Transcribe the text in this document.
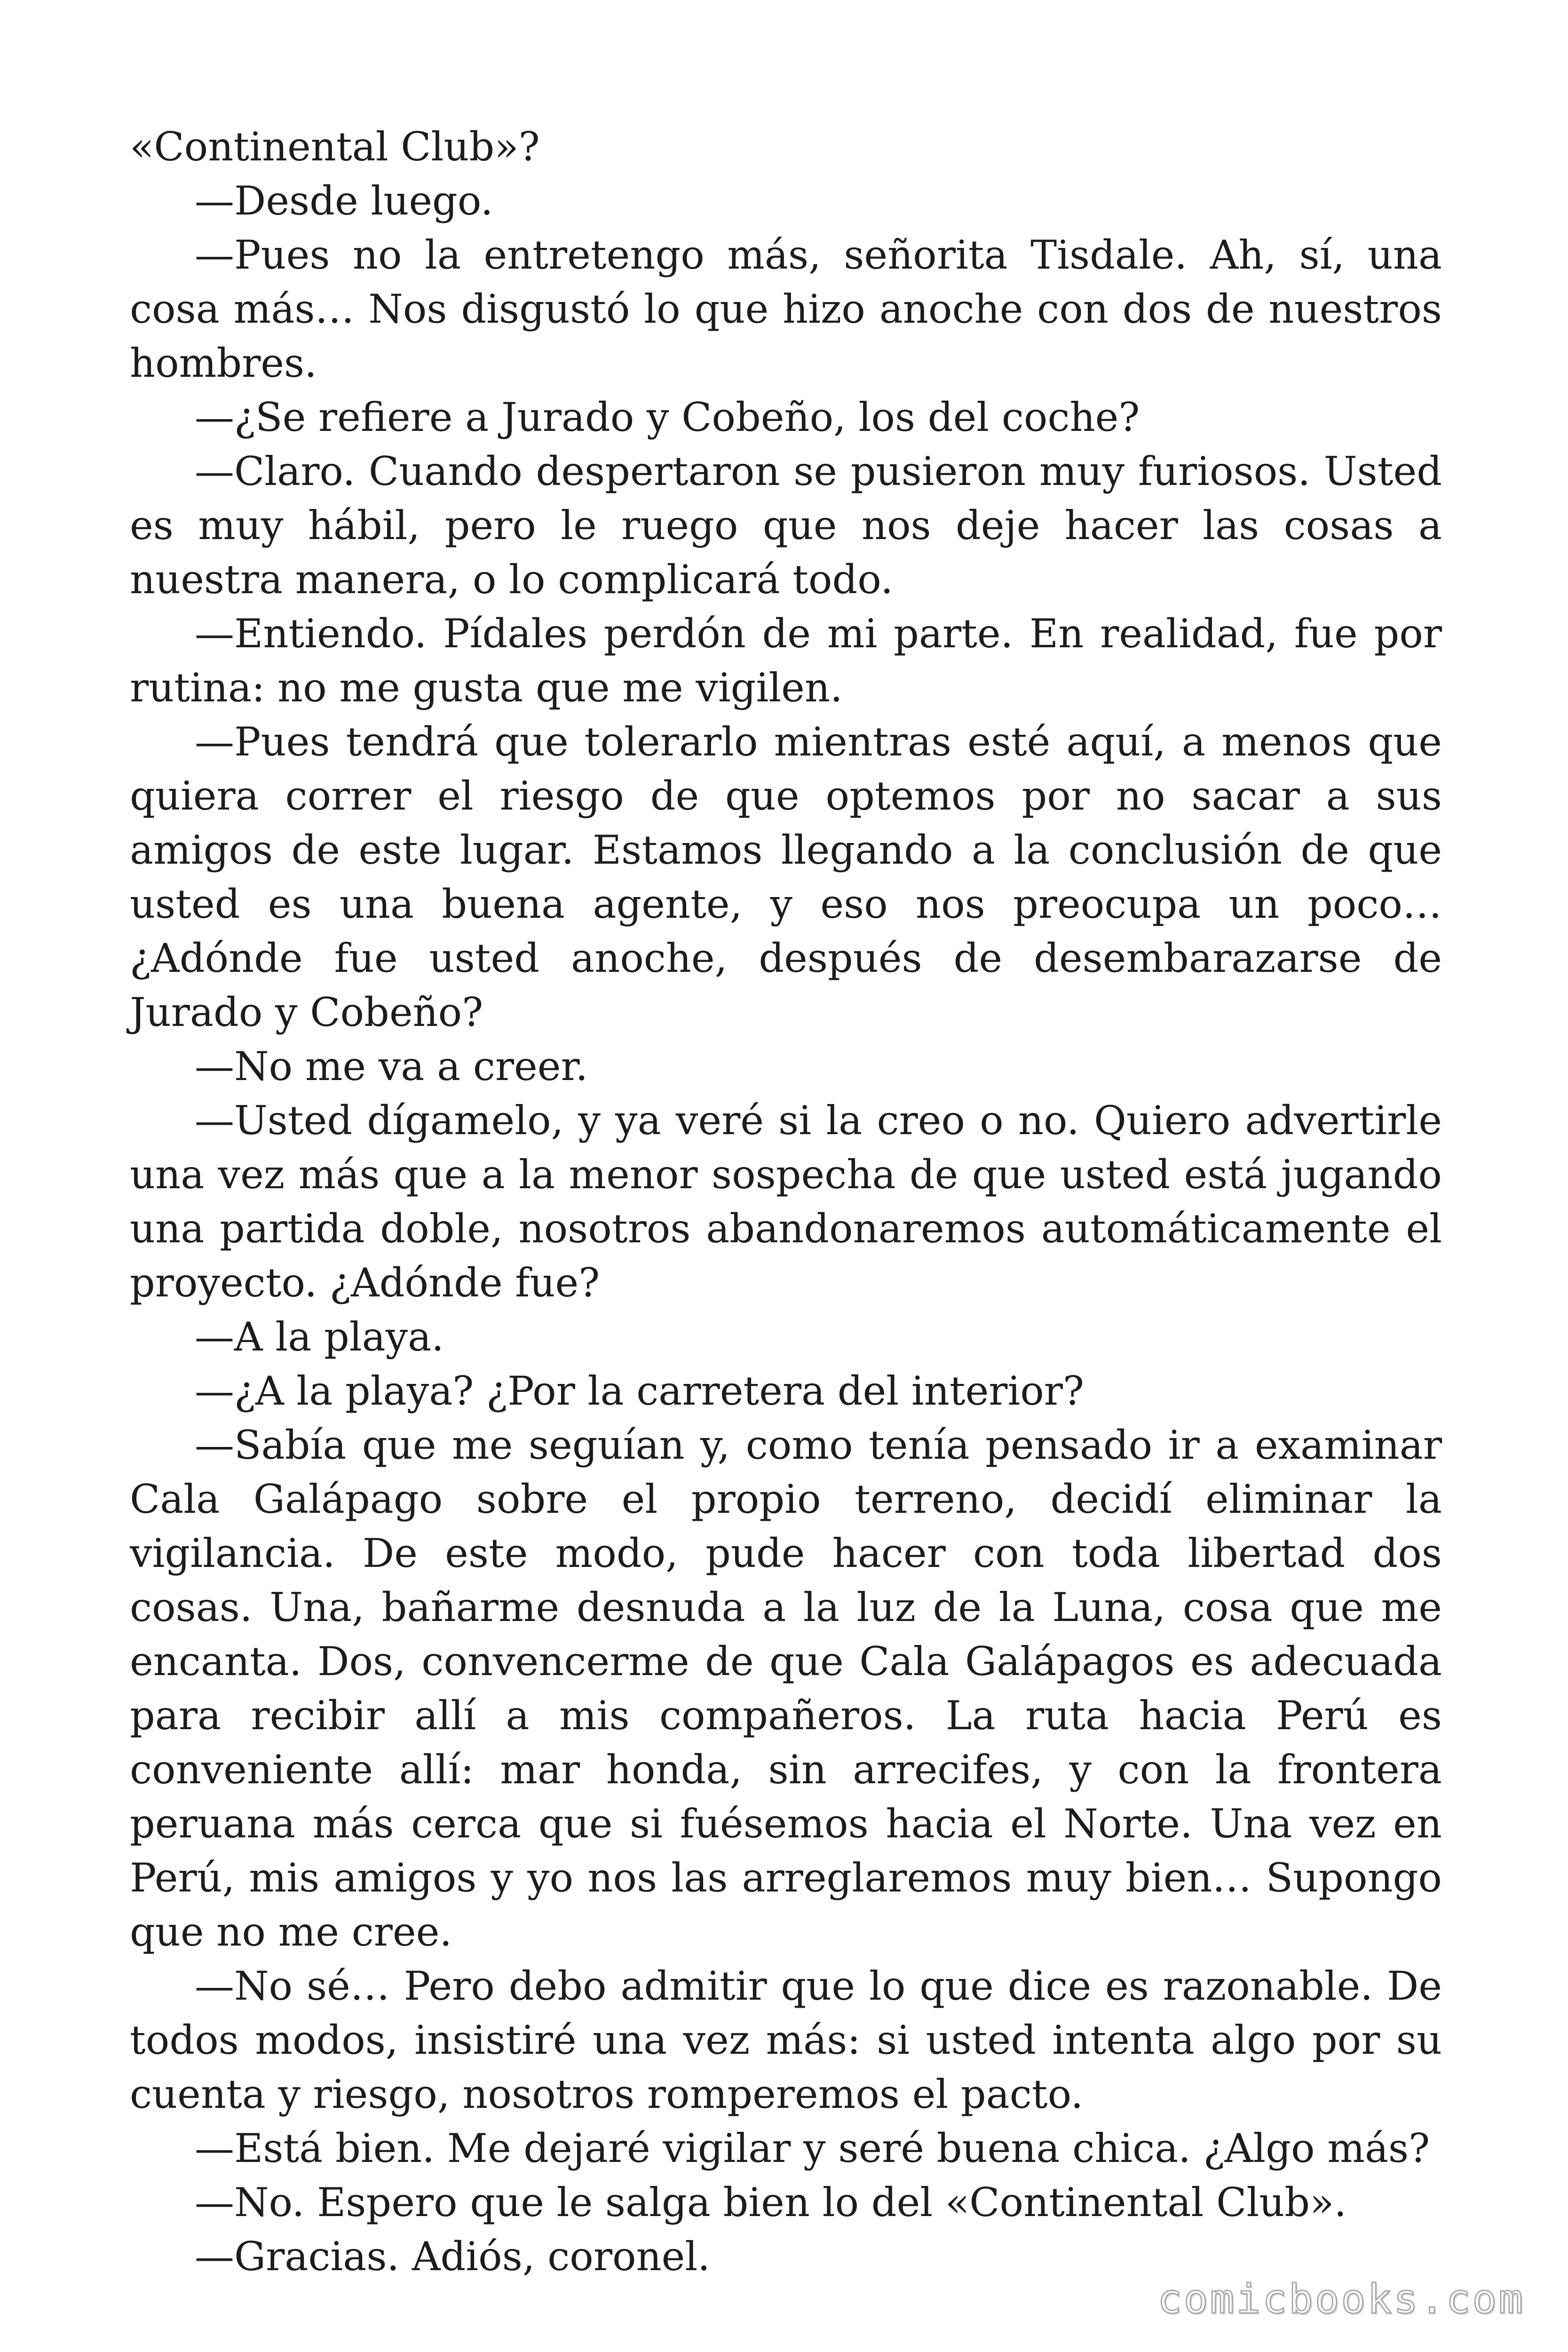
«Continental Club»?

—Desde luego.

—Pues no la entretengo más, señorita Tisdale. Ah, sí, una cosa más… Nos disgustó lo que hizo anoche con dos de nuestros hombres.

—¿Se refiere a Jurado y Cobeño, los del coche?

—Claro. Cuando despertaron se pusieron muy furiosos. Usted es muy hábil, pero le ruego que nos deje hacer las cosas a nuestra manera, o lo complicará todo.

—Entiendo. Pídales perdón de mi parte. En realidad, fue por rutina: no me gusta que me vigilen.

—Pues tendrá que tolerarlo mientras esté aquí, a menos que quiera correr el riesgo de que optemos por no sacar a sus amigos de este lugar. Estamos llegando a la conclusión de que usted es una buena agente, y eso nos preocupa un poco… ¿Adónde fue usted anoche, después de desembarazarse de Jurado y Cobeño?

—No me va a creer.

—Usted dígamelo, y ya veré si la creo o no. Quiero advertirle una vez más que a la menor sospecha de que usted está jugando una partida doble, nosotros abandonaremos automáticamente el proyecto. ¿Adónde fue?

—A la playa.

—¿A la playa? ¿Por la carretera del interior?

—Sabía que me seguían y, como tenía pensado ir a examinar Cala Galápago sobre el propio terreno, decidí eliminar la vigilancia. De este modo, pude hacer con toda libertad dos cosas. Una, bañarme desnuda a la luz de la Luna, cosa que me encanta. Dos, convencerme de que Cala Galápagos es adecuada para recibir allí a mis compañeros. La ruta hacia Perú es conveniente allí: mar honda, sin arrecifes, y con la frontera peruana más cerca que si fuésemos hacia el Norte. Una vez en Perú, mis amigos y yo nos las arreglaremos muy bien… Supongo que no me cree.

—No sé… Pero debo admitir que lo que dice es razonable. De todos modos, insistiré una vez más: si usted intenta algo por su cuenta y riesgo, nosotros romperemos el pacto.

—Está bien. Me dejaré vigilar y seré buena chica. ¿Algo más?

—No. Espero que le salga bien lo del «Continental Club».

—Gracias. Adiós, coronel.

comicbooks.com
